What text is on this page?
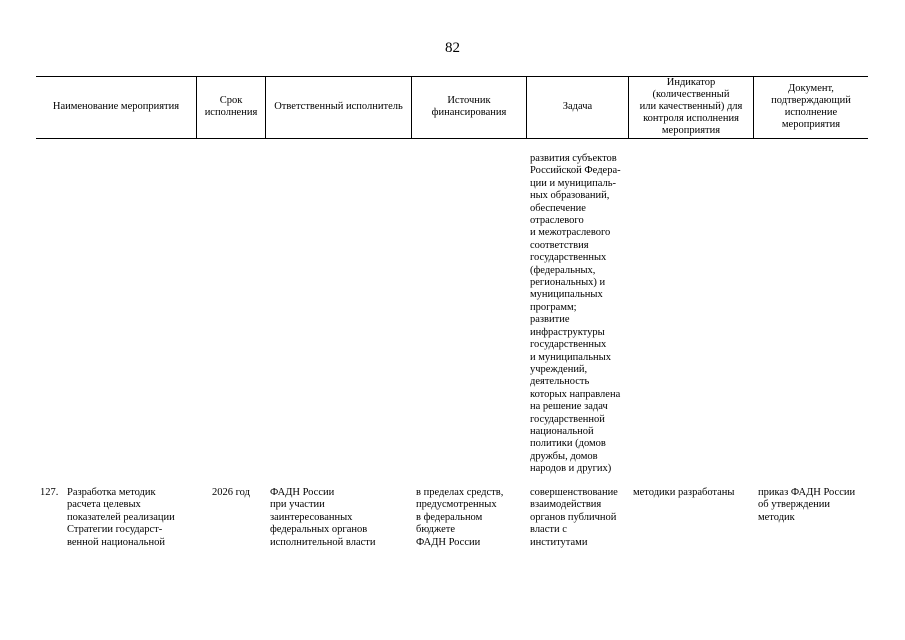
82
Наименование мероприятия
Срок
исполнения
Ответственный исполнитель
Источник
финансирования
Задача
Индикатор
(количественный
или качественный) для
контроля исполнения
мероприятия
Документ,
подтверждающий
исполнение
мероприятия
развития субъектов
Российской Федера-
ции и муниципаль-
ных образований,
обеспечение
отраслевого
и межотраслевого
соответствия
государственных
(федеральных,
региональных) и
муниципальных
программ;
развитие
инфраструктуры
государственных
и муниципальных
учреждений,
деятельность
которых направлена
на решение задач
государственной
национальной
политики (домов
дружбы, домов
народов и других)
127. Разработка методик
расчета целевых
показателей реализации
Стратегии государст-
венной национальной
2026 год	ФАДН России
при участии
заинтересованных
федеральных органов
исполнительной власти
в пределах средств,
предусмотренных
в федеральном
бюджете
ФАДН России
совершенствование
взаимодействия
органов публичной
власти с
институтами
методики разработаны	приказ ФАДН России
об утверждении
методик
